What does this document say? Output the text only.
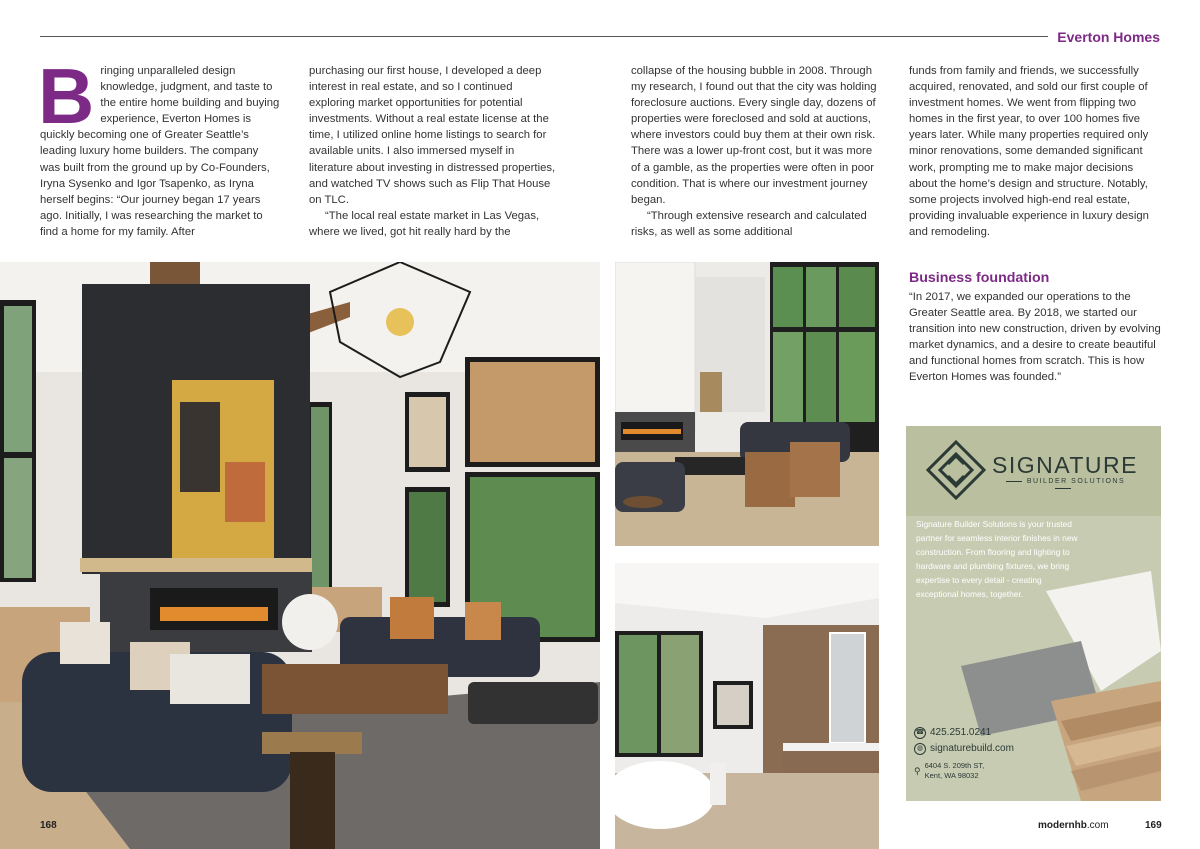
Everton Homes
B ringing unparalleled design knowledge, judgment, and taste to the entire home building and buying experience, Everton Homes is quickly becoming one of Greater Seattle’s leading luxury home builders. The company was built from the ground up by Co-Founders, Iryna Sysenko and Igor Tsapenko, as Iryna herself begins: “Our journey began 17 years ago. Initially, I was researching the market to find a home for my family. After

purchasing our first house, I developed a deep interest in real estate, and so I continued exploring market opportunities for potential investments. Without a real estate license at the time, I utilized online home listings to search for available units. I also immersed myself in literature about investing in distressed properties, and watched TV shows such as Flip That House on TLC.

“The local real estate market in Las Vegas, where we lived, got hit really hard by the

collapse of the housing bubble in 2008. Through my research, I found out that the city was holding foreclosure auctions. Every single day, dozens of properties were foreclosed and sold at auctions, where investors could buy them at their own risk. There was a lower up-front cost, but it was more of a gamble, as the properties were often in poor condition. That is where our investment journey began.

“Through extensive research and calculated risks, as well as some additional

funds from family and friends, we successfully acquired, renovated, and sold our first couple of investment homes. We went from flipping two homes in the first year, to over 100 homes five years later. While many properties required only minor renovations, some demanded significant work, prompting me to make major decisions about the home’s design and structure. Notably, some projects involved high-end real estate, providing invaluable experience in luxury design and remodeling.

Business foundation

“In 2017, we expanded our operations to the Greater Seattle area. By 2018, we started our transition into new construction, driven by evolving market dynamics, and a desire to create beautiful and functional homes from scratch. This is how Everton Homes was founded.”

SIGNATURE
BUILDER SOLUTIONS
Signature Builder Solutions is your trusted partner for seamless interior finishes in new construction. From flooring and lighting to hardware and plumbing fixtures, we bring expertise to every detail - creating exceptional homes, together.
☎ 425.251.0241
◍ signaturebuild.com
⚲
6404 S. 209th ST,
Kent, WA 98032
168	modernhb.com	169
